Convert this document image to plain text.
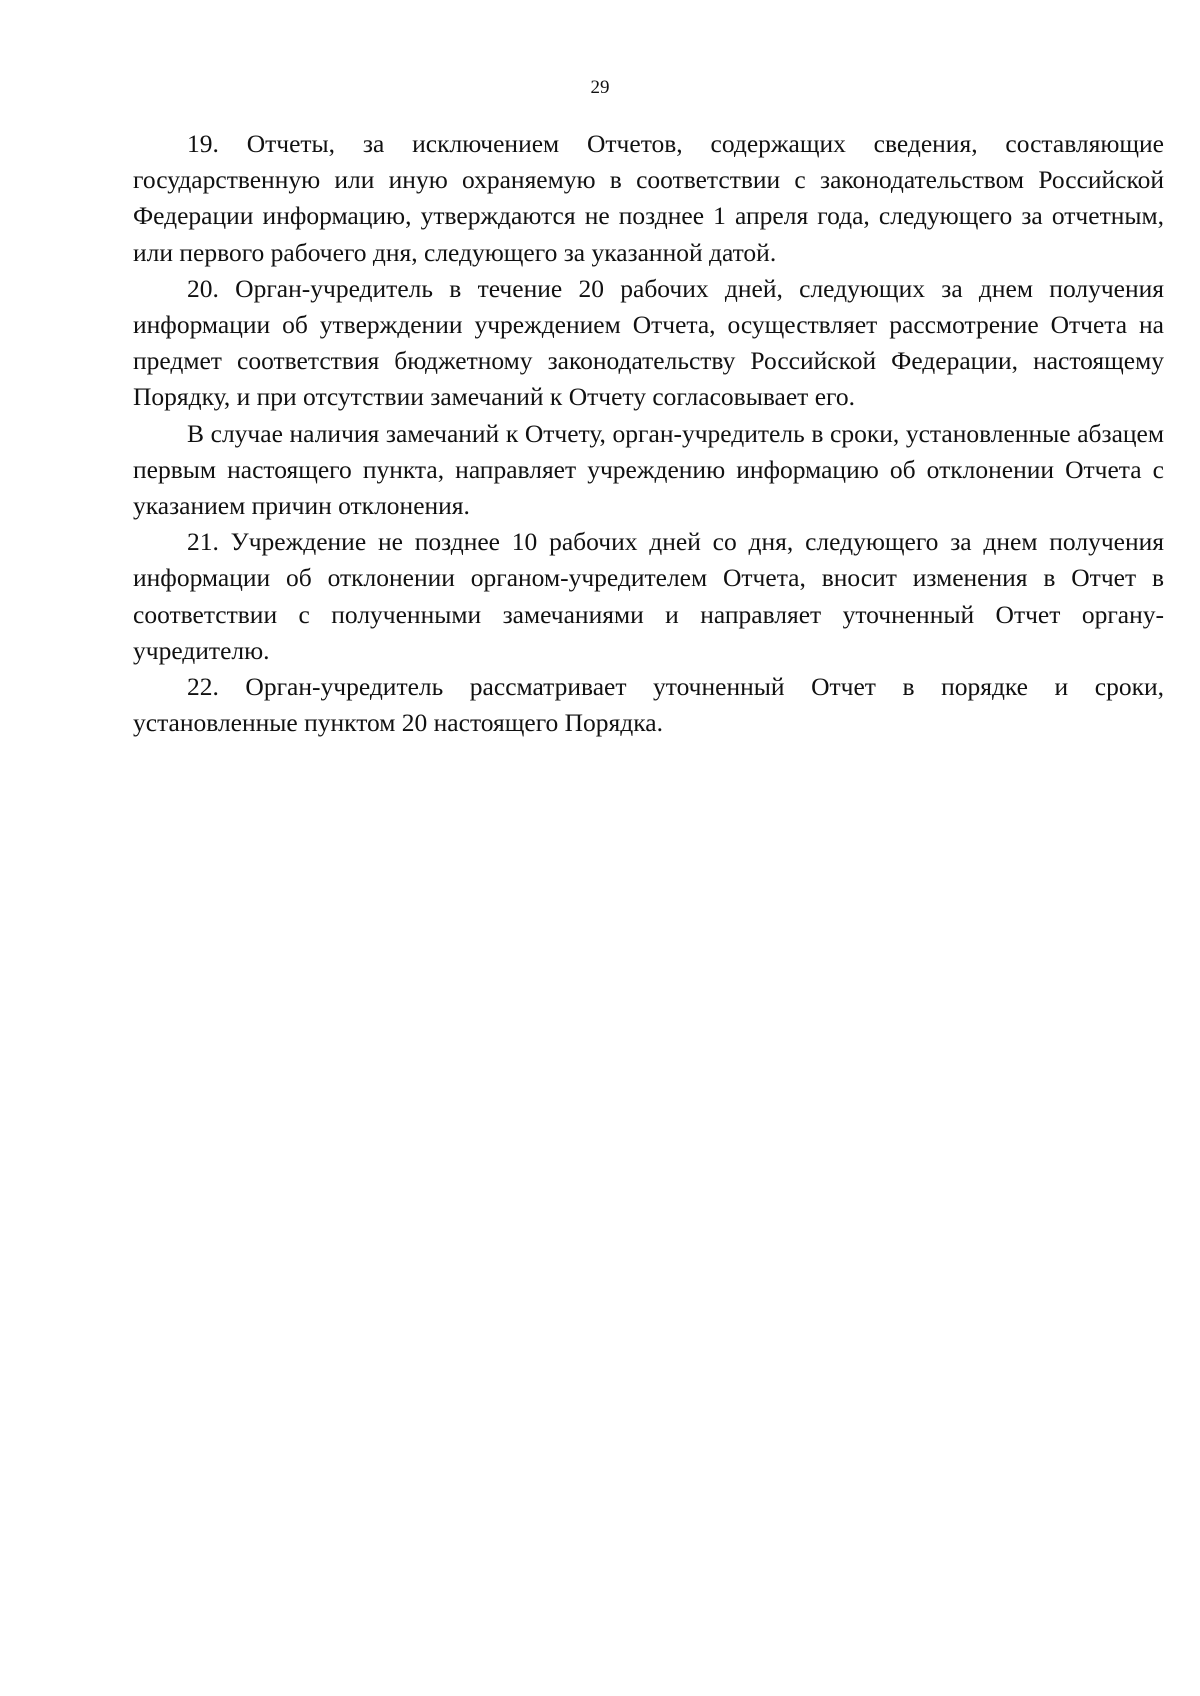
29

19. Отчеты, за исключением Отчетов, содержащих сведения, составляющие государственную или иную охраняемую в соответствии с законодательством Российской Федерации информацию, утверждаются не позднее 1 апреля года, следующего за отчетным, или первого рабочего дня, следующего за указанной датой.

20. Орган-учредитель в течение 20 рабочих дней, следующих за днем получения информации об утверждении учреждением Отчета, осуществляет рассмотрение Отчета на предмет соответствия бюджетному законодательству Российской Федерации, настоящему Порядку, и при отсутствии замечаний к Отчету согласовывает его.

В случае наличия замечаний к Отчету, орган-учредитель в сроки, установленные абзацем первым настоящего пункта, направляет учреждению информацию об отклонении Отчета с указанием причин отклонения.

21. Учреждение не позднее 10 рабочих дней со дня, следующего за днем получения информации об отклонении органом-учредителем Отчета, вносит изменения в Отчет в соответствии с полученными замечаниями и направляет уточненный Отчет органу-учредителю.

22. Орган-учредитель рассматривает уточненный Отчет в порядке и сроки, установленные пунктом 20 настоящего Порядка.
